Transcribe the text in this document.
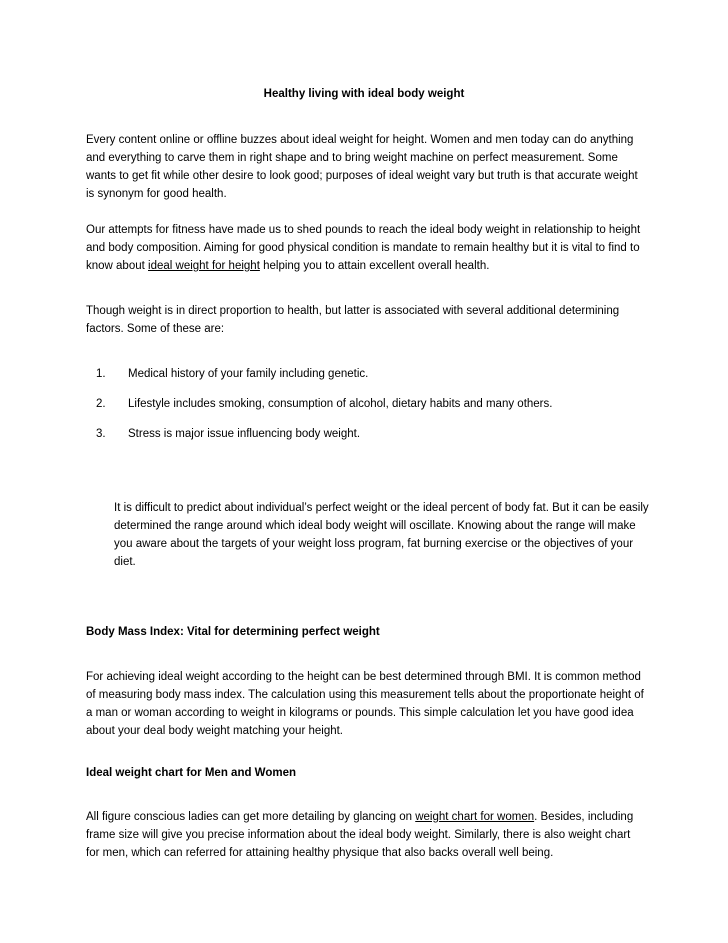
Healthy living with ideal body weight

Every content online or offline buzzes about ideal weight for height. Women and men today can do anything and everything to carve them in right shape and to bring weight machine on perfect measurement. Some wants to get fit while other desire to look good; purposes of ideal weight vary but truth is that accurate weight is synonym for good health.

Our attempts for fitness have made us to shed pounds to reach the ideal body weight in relationship to height and body composition. Aiming for good physical condition is mandate to remain healthy but it is vital to find to know about ideal weight for height helping you to attain excellent overall health.

Though weight is in direct proportion to health, but latter is associated with several additional determining factors. Some of these are:

1. Medical history of your family including genetic.
2. Lifestyle includes smoking, consumption of alcohol, dietary habits and many others.
3. Stress is major issue influencing body weight.

It is difficult to predict about individual’s perfect weight or the ideal percent of body fat. But it can be easily determined the range around which ideal body weight will oscillate. Knowing about the range will make you aware about the targets of your weight loss program, fat burning exercise or the objectives of your diet.

Body Mass Index: Vital for determining perfect weight

For achieving ideal weight according to the height can be best determined through BMI. It is common method of measuring body mass index. The calculation using this measurement tells about the proportionate height of a man or woman according to weight in kilograms or pounds. This simple calculation let you have good idea about your deal body weight matching your height.

Ideal weight chart for Men and Women

All figure conscious ladies can get more detailing by glancing on weight chart for women. Besides, including frame size will give you precise information about the ideal body weight. Similarly, there is also weight chart for men, which can referred for attaining healthy physique that also backs overall well being.
